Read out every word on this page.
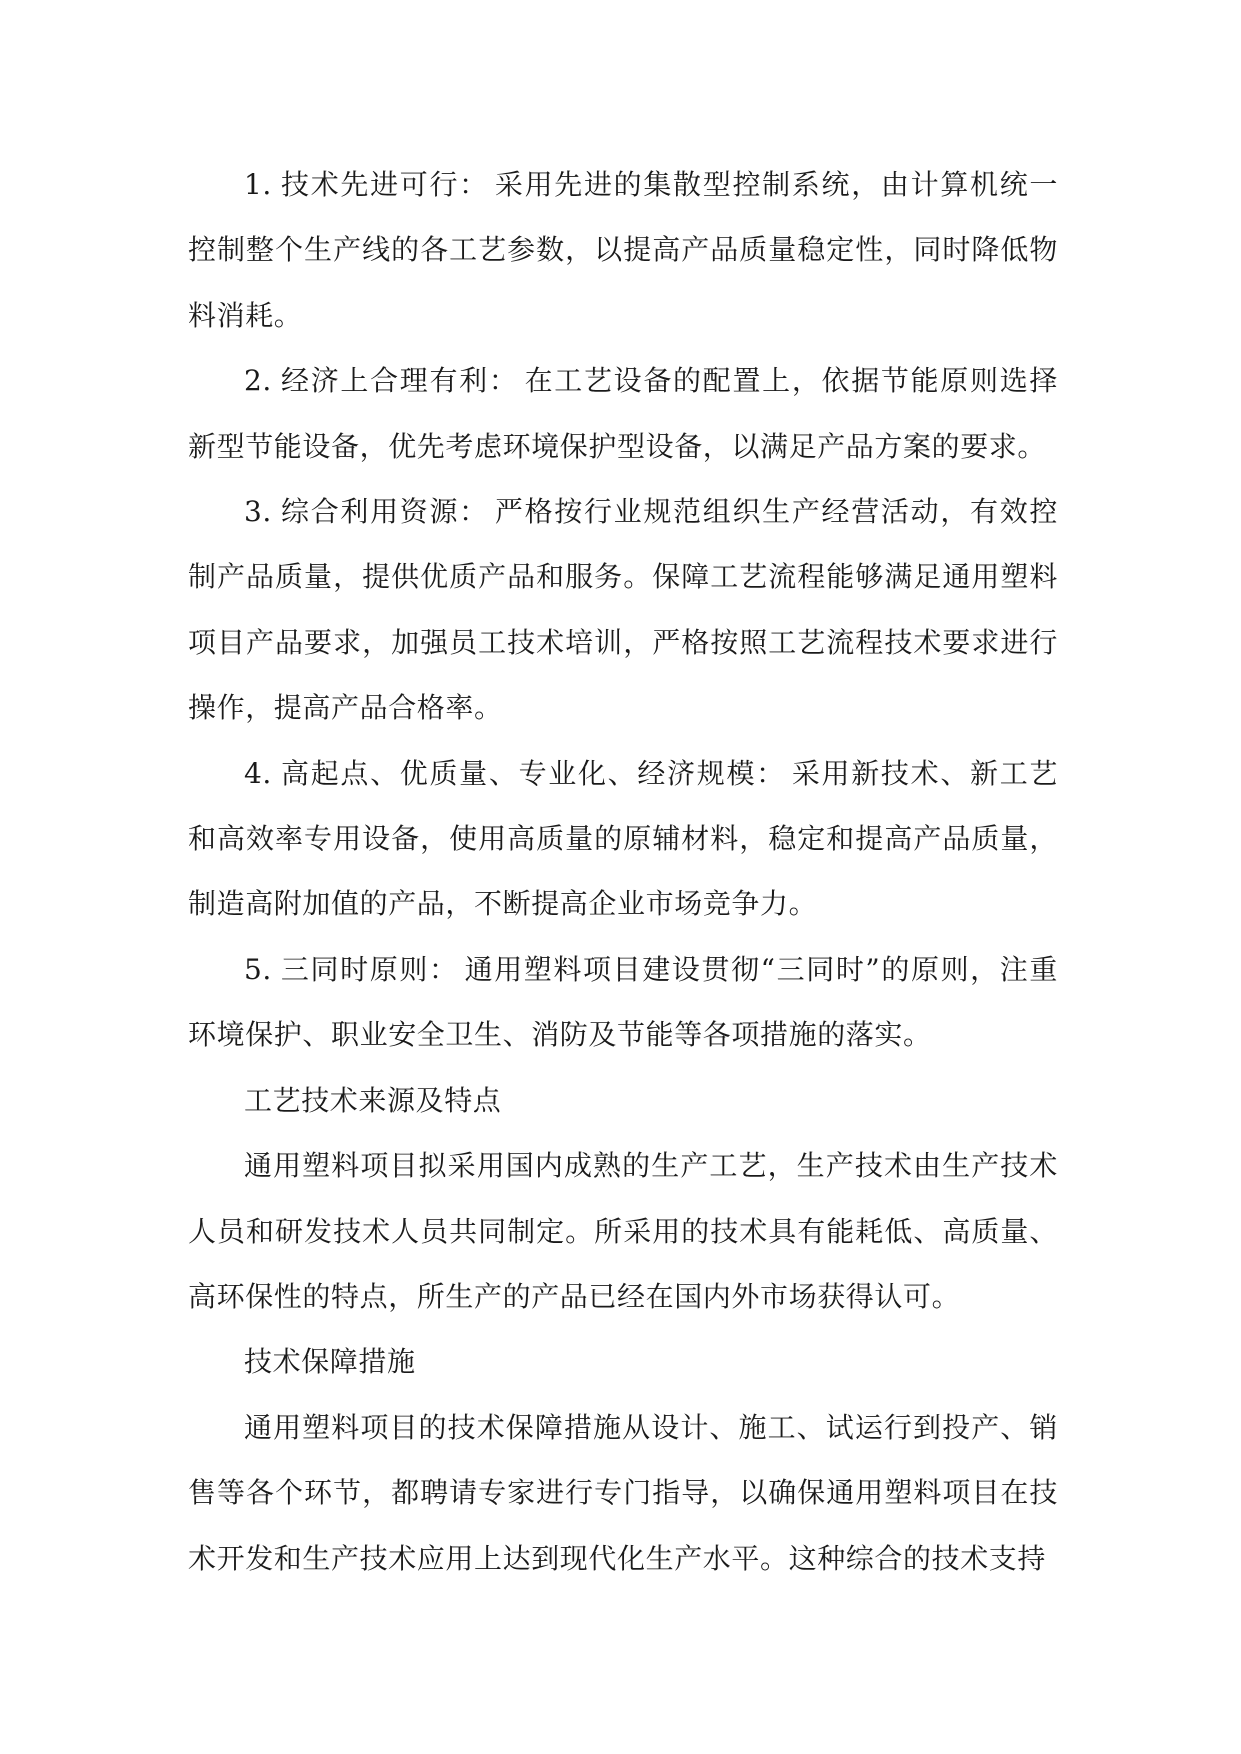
1. 技术先进可行： 采用先进的集散型控制系统，由计算机统一控制整个生产线的各工艺参数，以提高产品质量稳定性，同时降低物料消耗。

2. 经济上合理有利： 在工艺设备的配置上，依据节能原则选择新型节能设备，优先考虑环境保护型设备，以满足产品方案的要求。

3. 综合利用资源： 严格按行业规范组织生产经营活动，有效控制产品质量，提供优质产品和服务。保障工艺流程能够满足通用塑料项目产品要求，加强员工技术培训，严格按照工艺流程技术要求进行操作，提高产品合格率。

4. 高起点、优质量、专业化、经济规模： 采用新技术、新工艺和高效率专用设备，使用高质量的原辅材料，稳定和提高产品质量，制造高附加值的产品，不断提高企业市场竞争力。

5. 三同时原则： 通用塑料项目建设贯彻“三同时”的原则，注重环境保护、职业安全卫生、消防及节能等各项措施的落实。

工艺技术来源及特点

通用塑料项目拟采用国内成熟的生产工艺，生产技术由生产技术人员和研发技术人员共同制定。所采用的技术具有能耗低、高质量、高环保性的特点，所生产的产品已经在国内外市场获得认可。

技术保障措施

通用塑料项目的技术保障措施从设计、施工、试运行到投产、销售等各个环节，都聘请专家进行专门指导，以确保通用塑料项目在技术开发和生产技术应用上达到现代化生产水平。这种综合的技术支持
